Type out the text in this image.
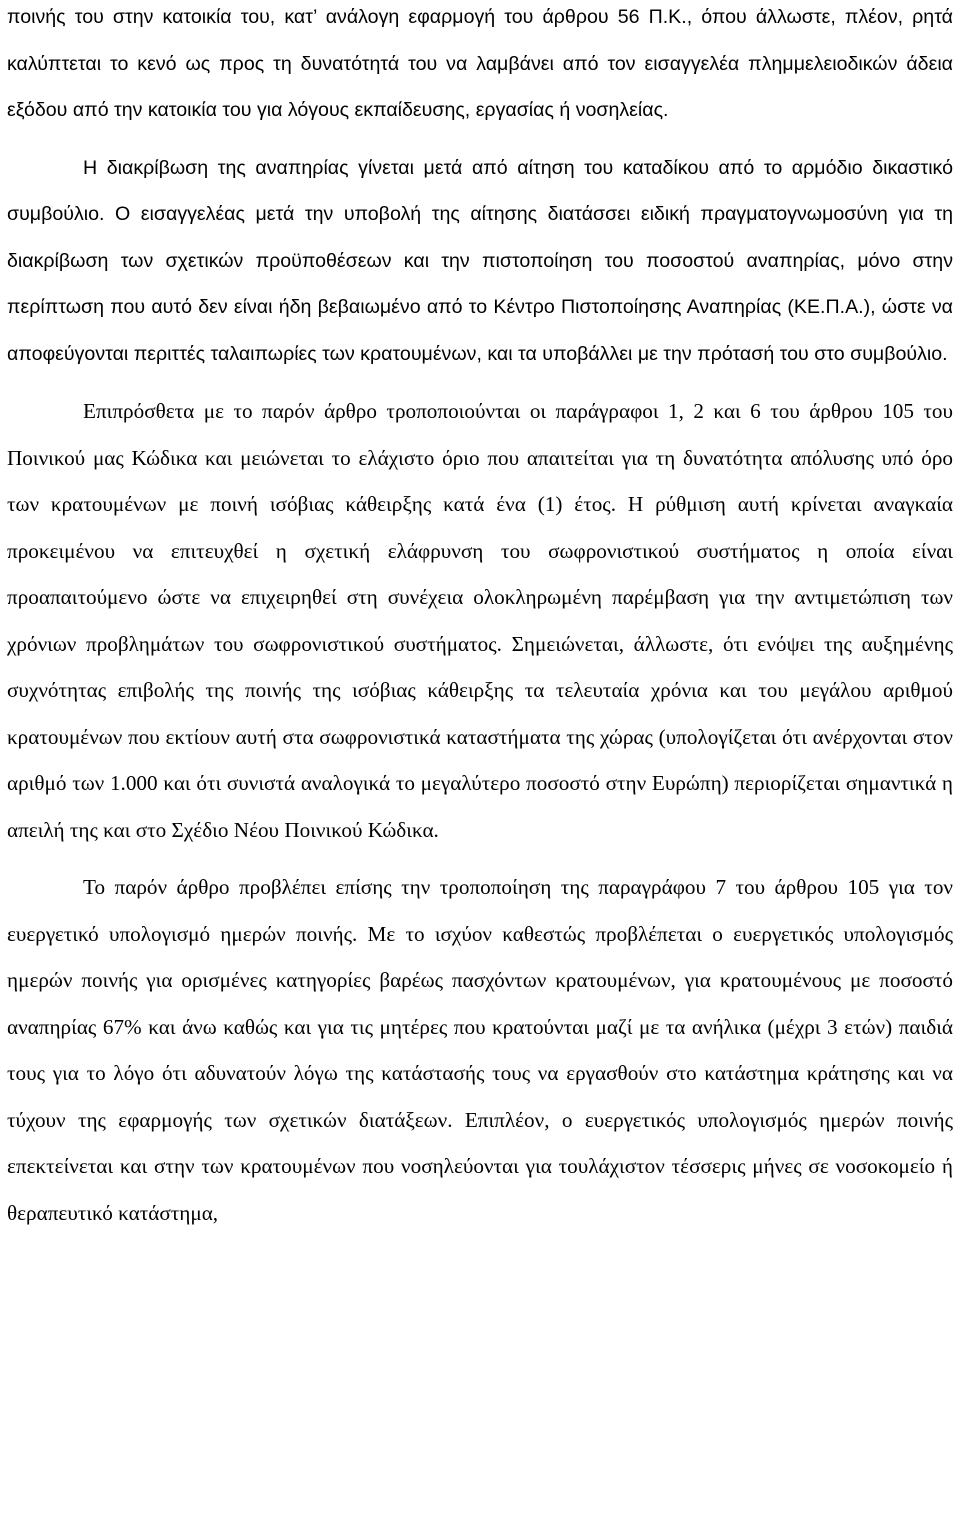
ποινής του στην κατοικία του, κατ’ ανάλογη εφαρμογή του άρθρου 56 Π.Κ., όπου άλλωστε, πλέον, ρητά καλύπτεται το κενό ως προς τη δυνατότητά του να λαμβάνει από τον εισαγγελέα πλημμελειοδικών άδεια εξόδου από την κατοικία του για λόγους εκπαίδευσης, εργασίας ή νοσηλείας.

Η διακρίβωση της αναπηρίας γίνεται μετά από αίτηση του καταδίκου από το αρμόδιο δικαστικό συμβούλιο. Ο εισαγγελέας μετά την υποβολή της αίτησης διατάσσει ειδική πραγματογνωμοσύνη για τη διακρίβωση των σχετικών προϋποθέσεων και την πιστοποίηση του ποσοστού αναπηρίας, μόνο στην περίπτωση που αυτό δεν είναι ήδη βεβαιωμένο από το Κέντρο Πιστοποίησης Αναπηρίας (ΚΕ.Π.Α.), ώστε να αποφεύγονται περιττές ταλαιπωρίες των κρατουμένων, και τα υποβάλλει με την πρότασή του στο συμβούλιο.

Επιπρόσθετα με το παρόν άρθρο τροποποιούνται οι παράγραφοι 1, 2 και 6 του άρθρου 105 του Ποινικού μας Κώδικα και μειώνεται το ελάχιστο όριο που απαιτείται για τη δυνατότητα απόλυσης υπό όρο των κρατουμένων με ποινή ισόβιας κάθειρξης κατά ένα (1) έτος. Η ρύθμιση αυτή κρίνεται αναγκαία προκειμένου να επιτευχθεί η σχετική ελάφρυνση του σωφρονιστικού συστήματος η οποία είναι προαπαιτούμενο ώστε να επιχειρηθεί στη συνέχεια ολοκληρωμένη παρέμβαση για την αντιμετώπιση των χρόνιων προβλημάτων του σωφρονιστικού συστήματος. Σημειώνεται, άλλωστε, ότι ενόψει της αυξημένης συχνότητας επιβολής της ποινής της ισόβιας κάθειρξης τα τελευταία χρόνια και του μεγάλου αριθμού κρατουμένων που εκτίουν αυτή στα σωφρονιστικά καταστήματα της χώρας (υπολογίζεται ότι ανέρχονται στον αριθμό των 1.000 και ότι συνιστά αναλογικά το μεγαλύτερο ποσοστό στην Ευρώπη) περιορίζεται σημαντικά η απειλή της και στο Σχέδιο Νέου Ποινικού Κώδικα.

Το παρόν άρθρο προβλέπει επίσης την τροποποίηση της παραγράφου 7 του άρθρου 105 για τον ευεργετικό υπολογισμό ημερών ποινής. Με το ισχύον καθεστώς προβλέπεται ο ευεργετικός υπολογισμός ημερών ποινής για ορισμένες κατηγορίες βαρέως πασχόντων κρατουμένων, για κρατουμένους με ποσοστό αναπηρίας 67% και άνω καθώς και για τις μητέρες που κρατούνται μαζί με τα ανήλικα (μέχρι 3 ετών) παιδιά τους για το λόγο ότι αδυνατούν λόγω της κατάστασής τους να εργασθούν στο κατάστημα κράτησης και να τύχουν της εφαρμογής των σχετικών διατάξεων. Επιπλέον, ο ευεργετικός υπολογισμός ημερών ποινής επεκτείνεται και στην των κρατουμένων που νοσηλεύονται για τουλάχιστον τέσσερις μήνες σε νοσοκομείο ή θεραπευτικό κατάστημα,
